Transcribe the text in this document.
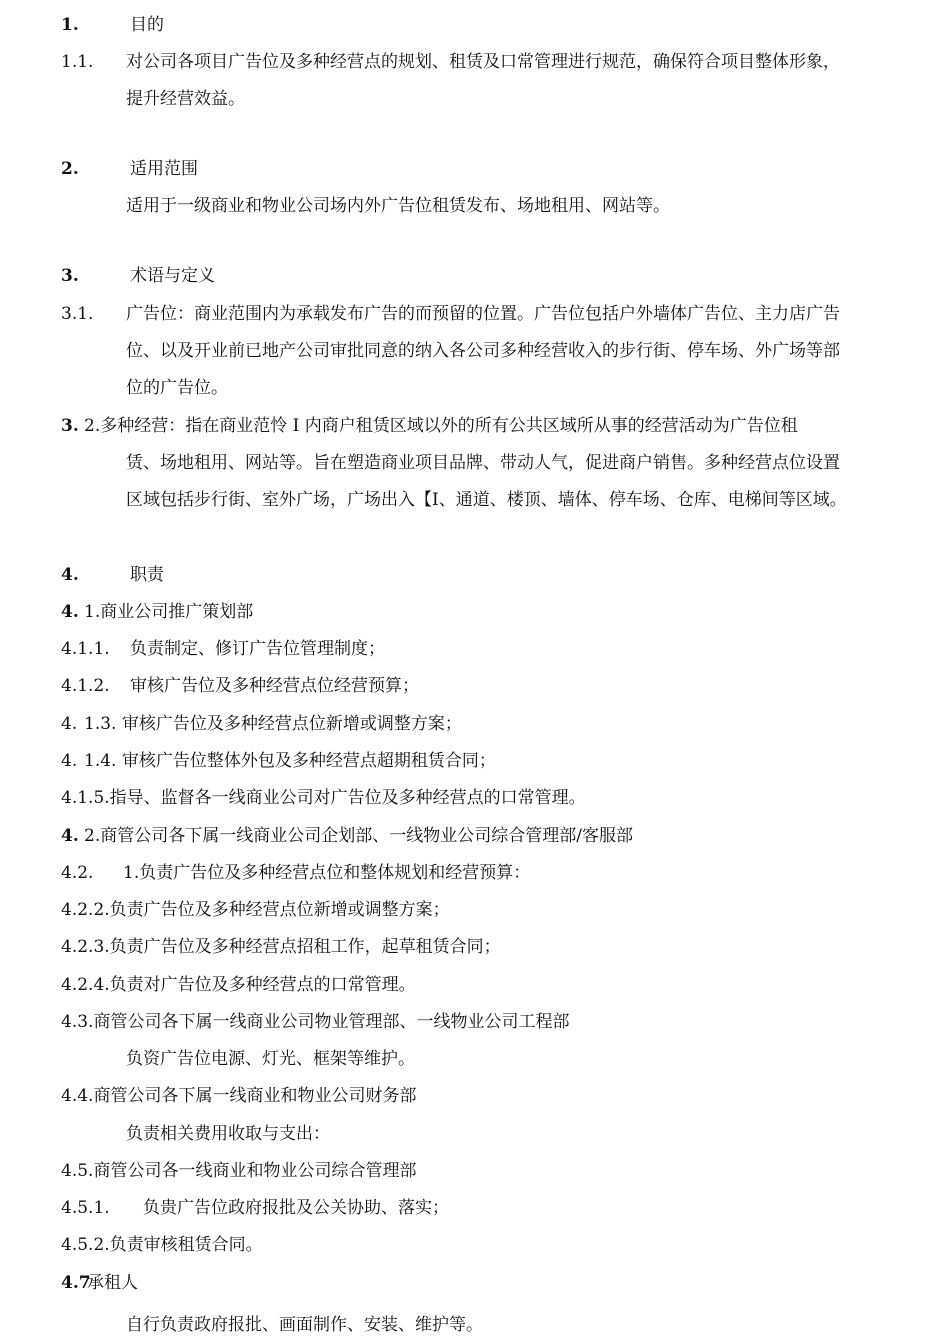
1.	目的
1.1. 对公司各项目广告位及多种经营点的规划、租赁及口常管理进行规范，确保符合项目整体形象，
提升经营效益。
2.	适用范围
适用于一级商业和物业公司场内外广告位租赁发布、场地租用、网站等。
3.	术语与定义
3.1. 广告位：商业范围内为承载发布广告的而预留的位置。广告位包括户外墙体广告位、主力店广告
位、以及开业前已地产公司审批同意的纳入各公司多种经营收入的步行街、停车场、外广场等部
位的广告位。
3. 2.多种经营：指在商业范怜 I 内商户租赁区域以外的所有公共区域所从事的经营活动为广告位租
赁、场地租用、网站等。旨在塑造商业项目品牌、带动人气，促进商户销售。多种经营点位设置
区域包括步行街、室外广场，广场出入【I、通道、楼顶、墙体、停车场、仓库、电梯间等区域。
4.	职责
4. 1.商业公司推广策划部
4.1.1. 负责制定、修订广告位管理制度；
4.1.2. 审核广告位及多种经营点位经营预算；
4. 1.3. 审核广告位及多种经营点位新增或调整方案；
4. 1.4. 审核广告位整体外包及多种经营点超期租赁合同；
4.1.5.指导、监督各一线商业公司对广告位及多种经营点的口常管理。
4. 2.商管公司各下属一线商业公司企划部、一线物业公司综合管理部/客服部
4.2. 1.负责广告位及多种经营点位和整体规划和经营预算：
4.2.2.负责广告位及多种经营点位新增或调整方案；
4.2.3.负责广告位及多种经营点招租工作，起草租赁合同；
4.2.4.负责对广告位及多种经营点的口常管理。
4.3.商管公司各下属一线商业公司物业管理部、一线物业公司工程部
负资广告位电源、灯光、框架等维护。
4.4.商管公司各下属一线商业和物业公司财务部
负责相关费用收取与支出：
4.5.商管公司各一线商业和物业公司综合管理部
4.5.1. 负贵广告位政府报批及公关协助、落实；
4.5.2.负责审核租赁合同。
4.7
承租人
自行负责政府报批、画面制作、安装、维护等。
